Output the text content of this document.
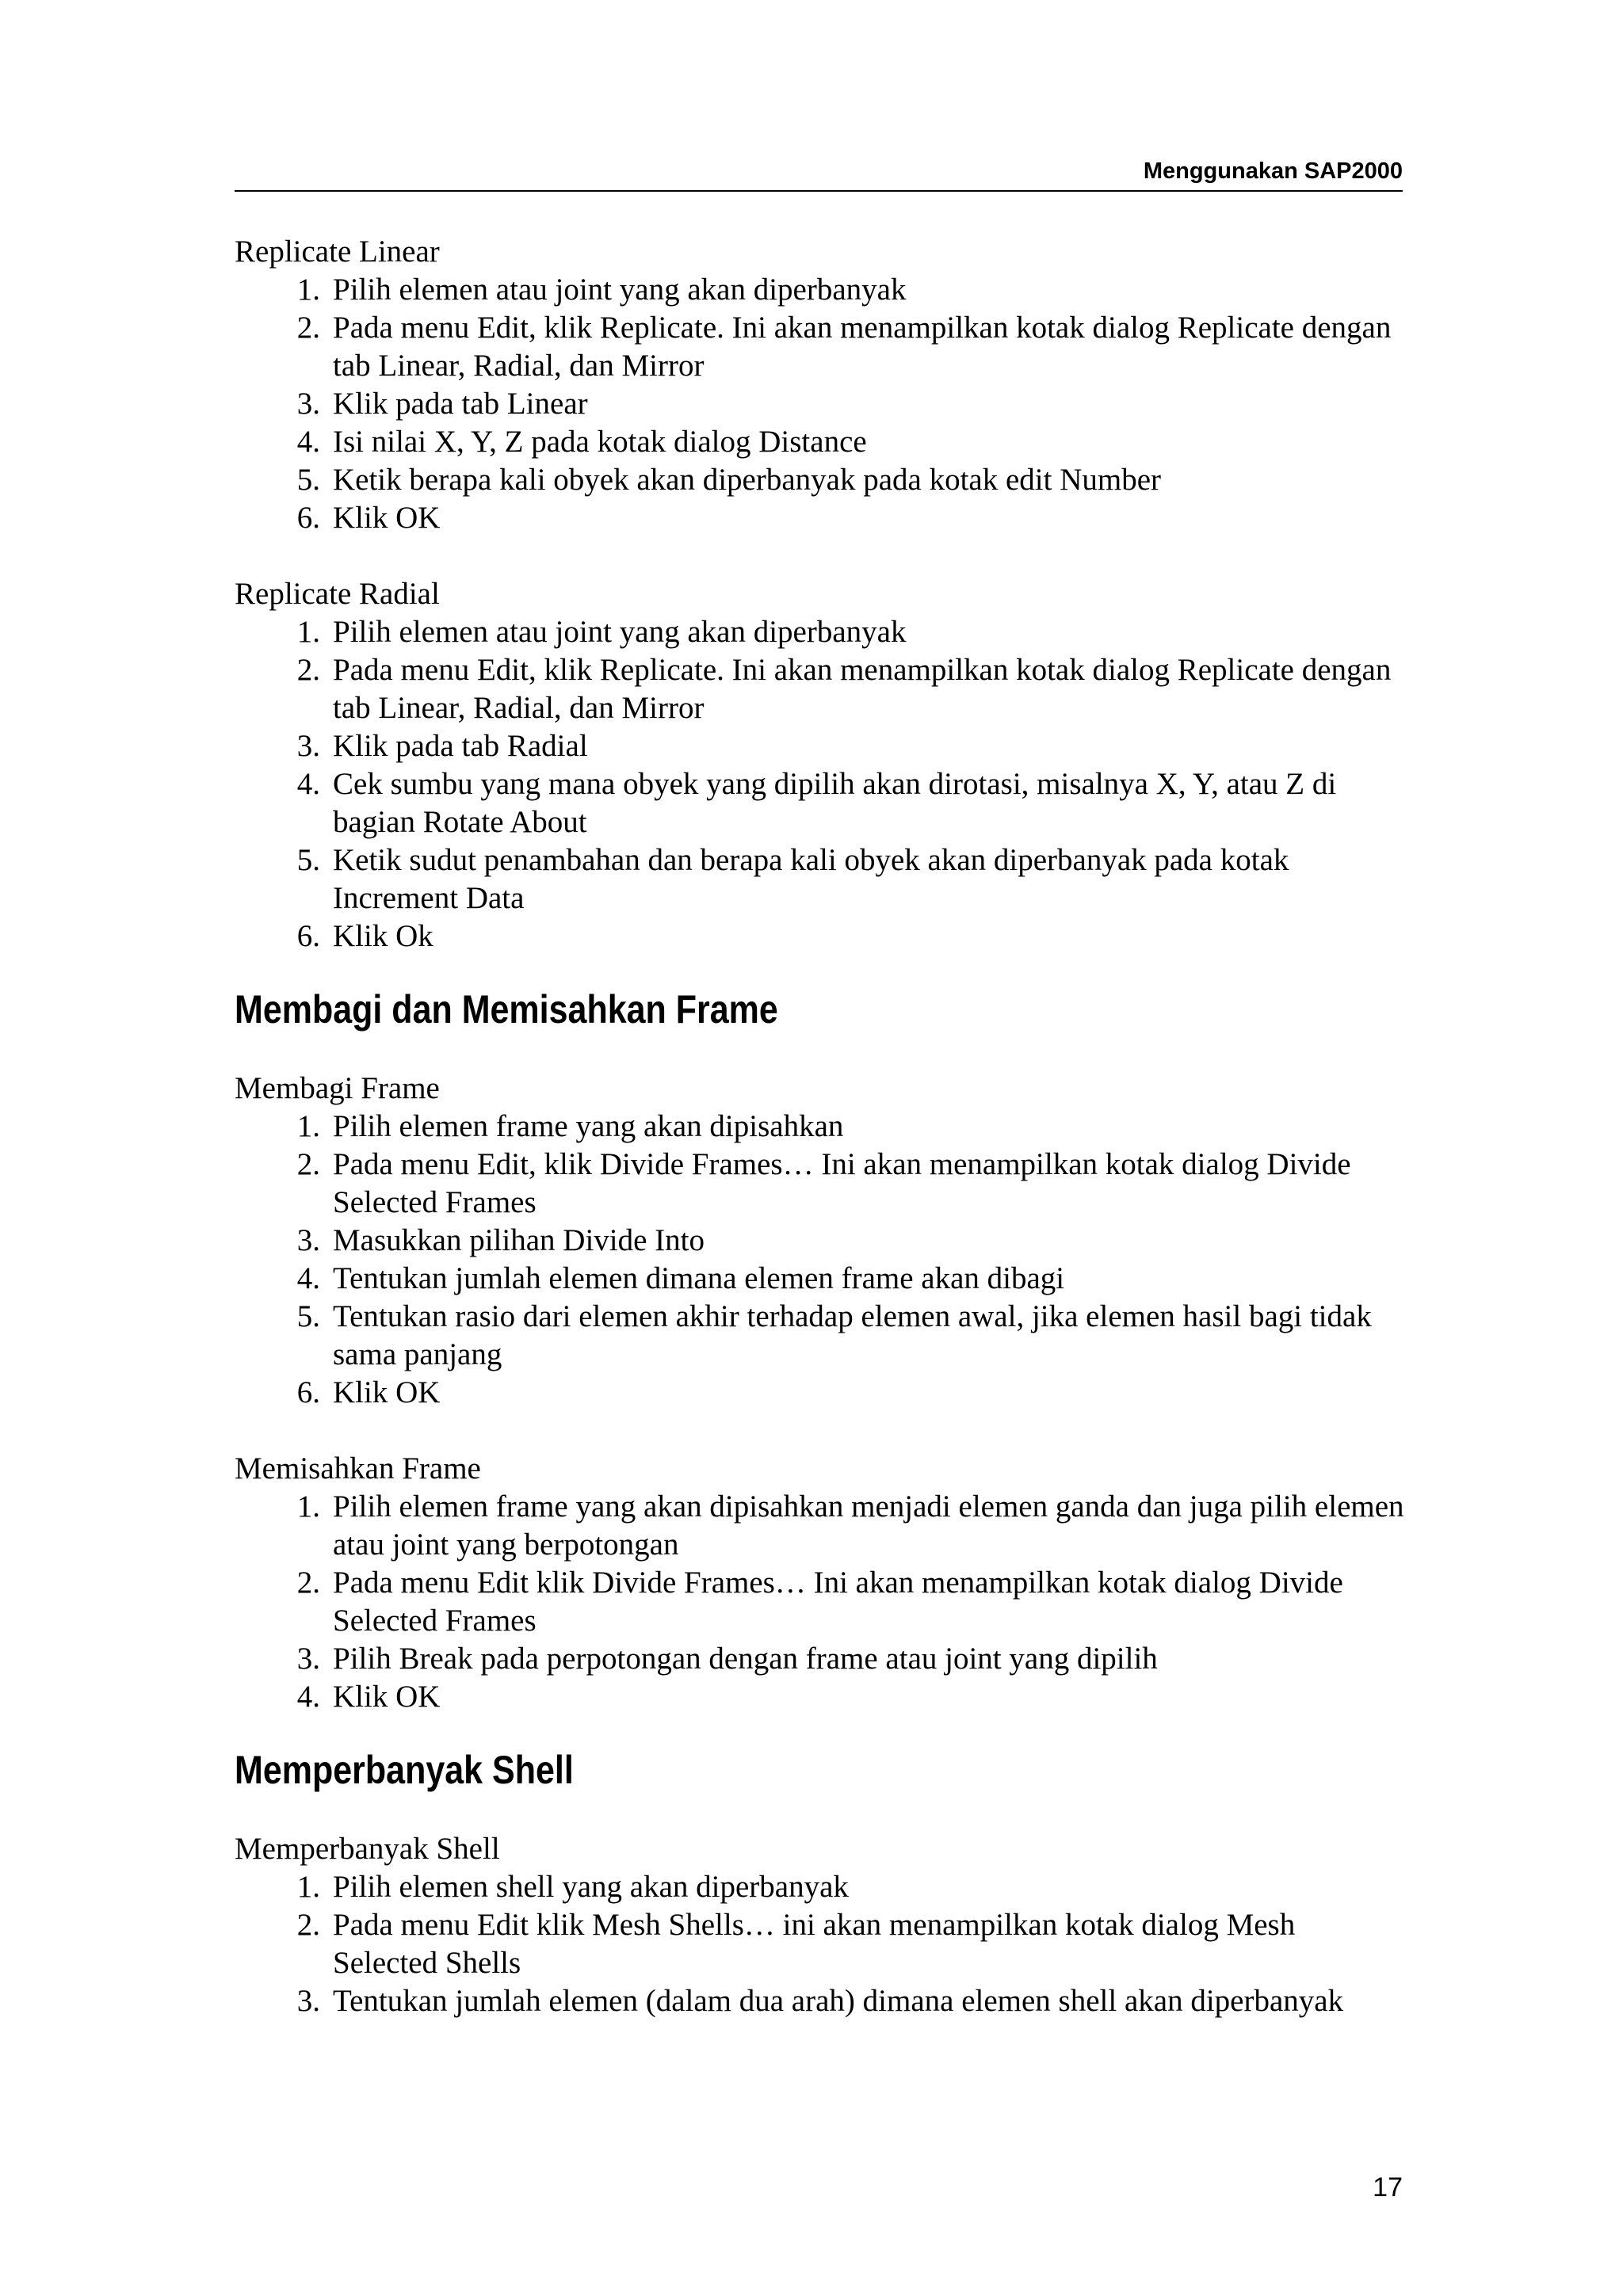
Menggunakan SAP2000

Replicate Linear

1. Pilih elemen atau joint yang akan diperbanyak
2. Pada menu Edit, klik Replicate. Ini akan menampilkan kotak dialog Replicate dengan tab Linear, Radial, dan Mirror
3. Klik pada tab Linear
4. Isi nilai X, Y, Z pada kotak dialog Distance
5. Ketik berapa kali obyek akan diperbanyak pada kotak edit Number
6. Klik OK

Replicate Radial

1. Pilih elemen atau joint yang akan diperbanyak
2. Pada menu Edit, klik Replicate. Ini akan menampilkan kotak dialog Replicate dengan tab Linear, Radial, dan Mirror
3. Klik pada tab Radial
4. Cek sumbu yang mana obyek yang dipilih akan dirotasi, misalnya X, Y, atau Z di bagian Rotate About
5. Ketik sudut penambahan dan berapa kali obyek akan diperbanyak pada kotak Increment Data
6. Klik Ok
Membagi dan Memisahkan Frame

Membagi Frame

1. Pilih elemen frame yang akan dipisahkan
2. Pada menu Edit, klik Divide Frames… Ini akan menampilkan kotak dialog Divide Selected Frames
3. Masukkan pilihan Divide Into
4. Tentukan jumlah elemen dimana elemen frame akan dibagi
5. Tentukan rasio dari elemen akhir terhadap elemen awal, jika elemen hasil bagi tidak sama panjang
6. Klik OK

Memisahkan Frame

1. Pilih elemen frame yang akan dipisahkan menjadi elemen ganda dan juga pilih elemen atau joint yang berpotongan
2. Pada menu Edit klik Divide Frames… Ini akan menampilkan kotak dialog Divide Selected Frames
3. Pilih Break pada perpotongan dengan frame atau joint yang dipilih
4. Klik OK
Memperbanyak Shell

Memperbanyak Shell

1. Pilih elemen shell yang akan diperbanyak
2. Pada menu Edit klik Mesh Shells… ini akan menampilkan kotak dialog Mesh Selected Shells
3. Tentukan jumlah elemen (dalam dua arah) dimana elemen shell akan diperbanyak
17
